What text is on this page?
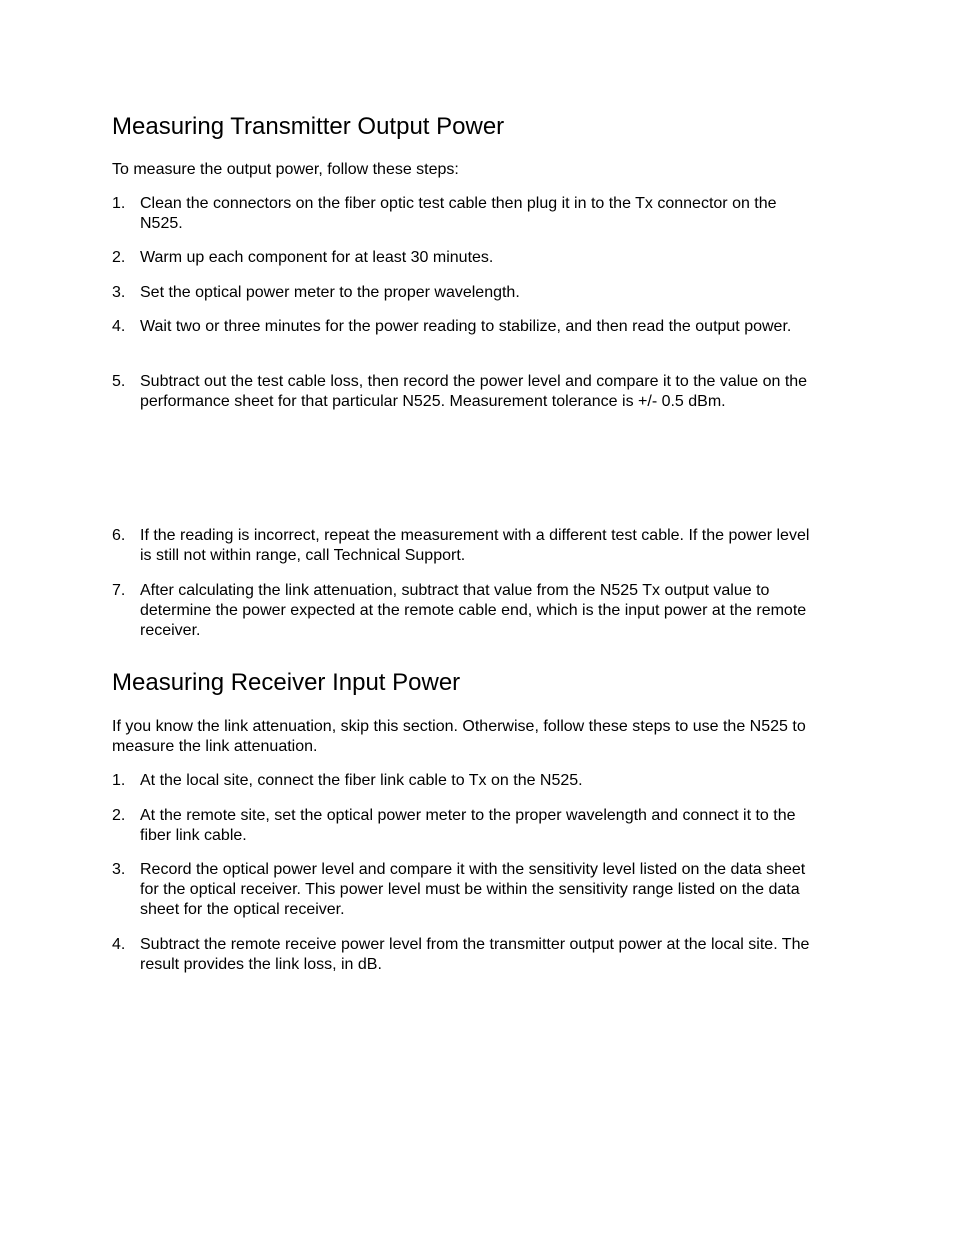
Measuring Transmitter Output Power

To measure the output power, follow these steps:

1. Clean the connectors on the fiber optic test cable then plug it in to the Tx connector on the N525.
2. Warm up each component for at least 30 minutes.
3. Set the optical power meter to the proper wavelength.
4. Wait two or three minutes for the power reading to stabilize, and then read the output power.
5. Subtract out the test cable loss, then record the power level and compare it to the value on the performance sheet for that particular N525. Measurement tolerance is +/- 0.5 dBm.
6. If the reading is incorrect, repeat the measurement with a different test cable. If the power level is still not within range, call Technical Support.
7. After calculating the link attenuation, subtract that value from the N525 Tx output value to determine the power expected at the remote cable end, which is the input power at the remote receiver.
Measuring Receiver Input Power

If you know the link attenuation, skip this section. Otherwise, follow these steps to use the N525 to measure the link attenuation.

1. At the local site, connect the fiber link cable to Tx on the N525.
2. At the remote site, set the optical power meter to the proper wavelength and connect it to the fiber link cable.
3. Record the optical power level and compare it with the sensitivity level listed on the data sheet for the optical receiver. This power level must be within the sensitivity range listed on the data sheet for the optical receiver.
4. Subtract the remote receive power level from the transmitter output power at the local site. The result provides the link loss, in dB.
